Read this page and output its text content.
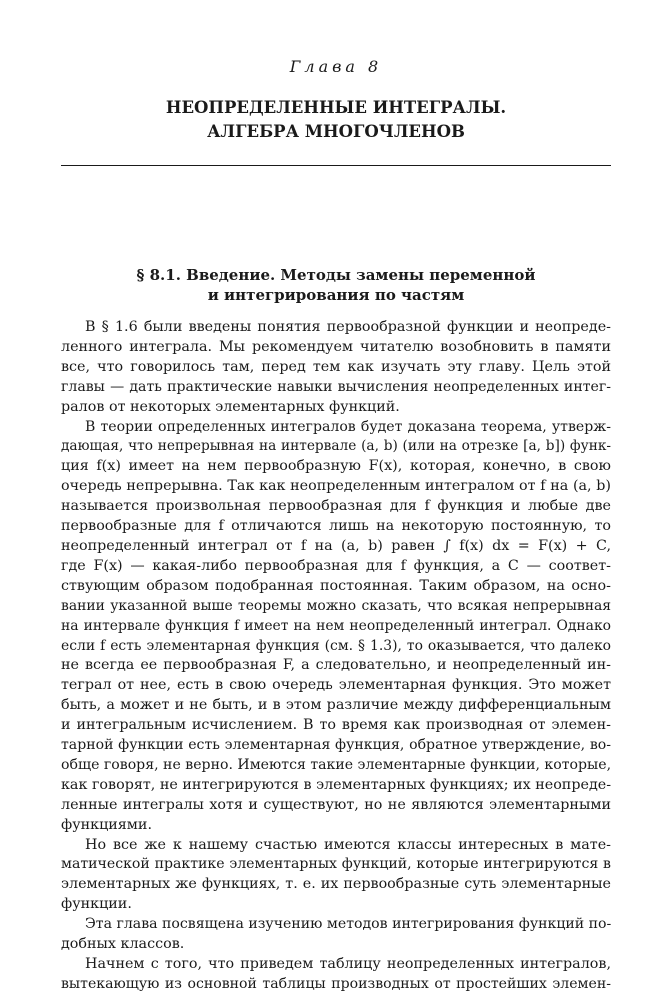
Глава 8
НЕОПРЕДЕЛЕННЫЕ ИНТЕГРАЛЫ.
АЛГЕБРА МНОГОЧЛЕНОВ
§ 8.1. Введение. Методы замены переменной
и интегрирования по частям

В § 1.6 были введены понятия первообразной функции и неопреде-
ленного интеграла. Мы рекомендуем читателю возобновить в памяти
все, что говорилось там, перед тем как изучать эту главу. Цель этой
главы — дать практические навыки вычисления неопределенных интег-
ралов от некоторых элементарных функций.

В теории определенных интегралов будет доказана теорема, утверж-
дающая, что непрерывная на интервале (a, b) (или на отрезке [a, b]) функ-
ция f(x) имеет на нем первообразную F(x), которая, конечно, в свою
очередь непрерывна. Так как неопределенным интегралом от f на (a, b)
называется произвольная первообразная для f функция и любые две
первообразные для f отличаются лишь на некоторую постоянную, то
неопределенный интеграл от f на (a, b) равен ∫ f(x) dx = F(x) + C,
где F(x) — какая-либо первообразная для f функция, а C — соответ-
ствующим образом подобранная постоянная. Таким образом, на осно-
вании указанной выше теоремы можно сказать, что всякая непрерывная
на интервале функция f имеет на нем неопределенный интеграл. Однако
если f есть элементарная функция (см. § 1.3), то оказывается, что далеко
не всегда ее первообразная F, а следовательно, и неопределенный ин-
теграл от нее, есть в свою очередь элементарная функция. Это может
быть, а может и не быть, и в этом различие между дифференциальным
и интегральным исчислением. В то время как производная от элемен-
тарной функции есть элементарная функция, обратное утверждение, во-
обще говоря, не верно. Имеются такие элементарные функции, которые,
как говорят, не интегрируются в элементарных функциях; их неопреде-
ленные интегралы хотя и существуют, но не являются элементарными
функциями.

Но все же к нашему счастью имеются классы интересных в мате-
матической практике элементарных функций, которые интегрируются в
элементарных же функциях, т. е. их первообразные суть элементарные
функции.

Эта глава посвящена изучению методов интегрирования функций по-
добных классов.

Начнем с того, что приведем таблицу неопределенных интегралов,
вытекающую из основной таблицы производных от простейших элемен-
